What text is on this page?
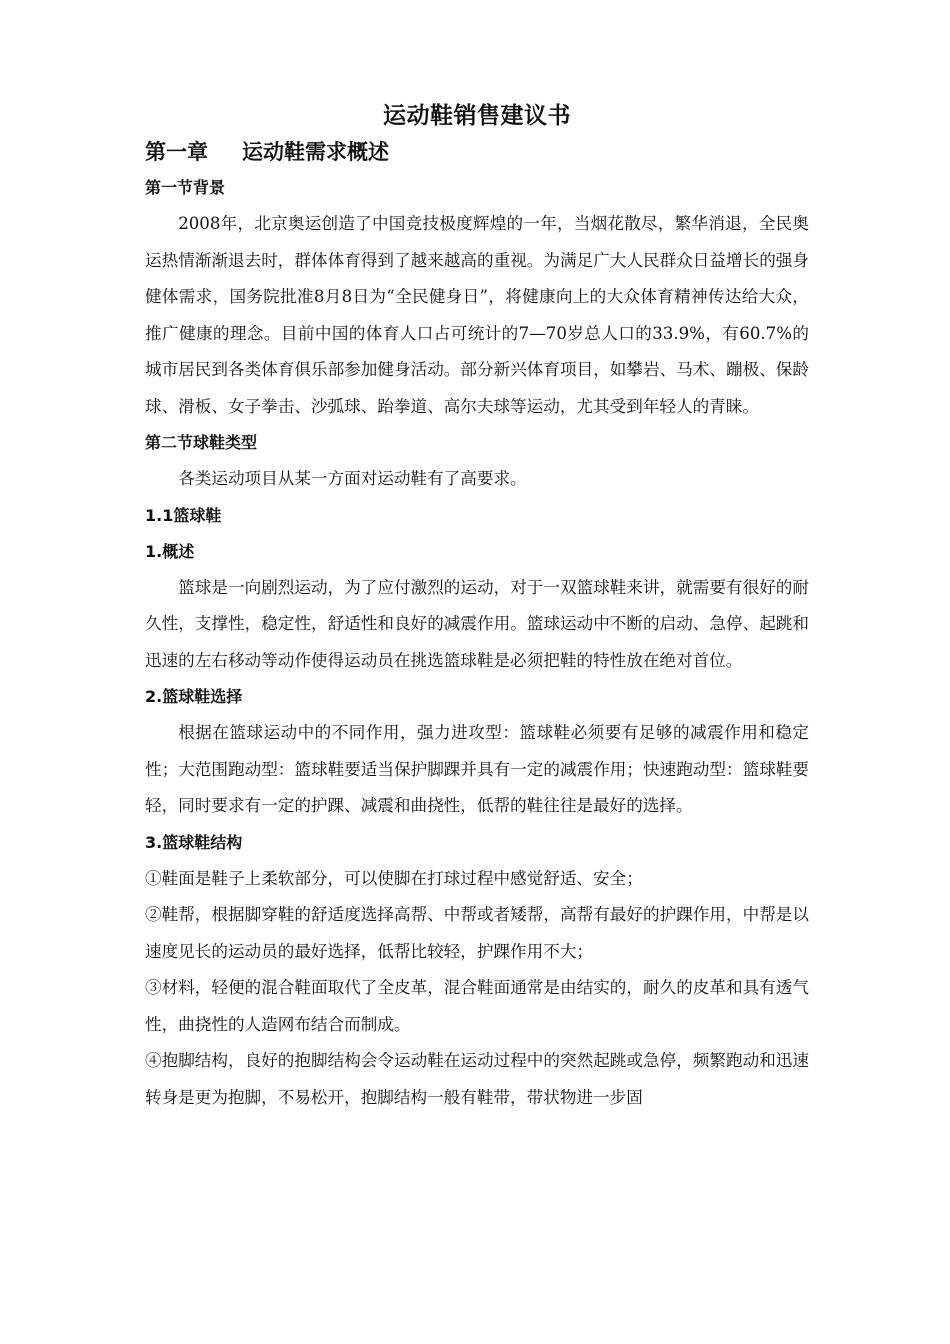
运动鞋销售建议书
第一章 运动鞋需求概述
第一节背景

2008年，北京奥运创造了中国竞技极度辉煌的一年，当烟花散尽，繁华消退，全民奥运热情渐渐退去时，群体体育得到了越来越高的重视。为满足广大人民群众日益增长的强身健体需求，国务院批准8月8日为“全民健身日”，将健康向上的大众体育精神传达给大众，推广健康的理念。目前中国的体育人口占可统计的7—70岁总人口的33.9%，有60.7%的城市居民到各类体育俱乐部参加健身活动。部分新兴体育项目，如攀岩、马术、蹦极、保龄球、滑板、女子拳击、沙弧球、跆拳道、高尔夫球等运动，尤其受到年轻人的青睐。

第二节球鞋类型

各类运动项目从某一方面对运动鞋有了高要求。

1.1篮球鞋
1.概述

篮球是一向剧烈运动，为了应付激烈的运动，对于一双篮球鞋来讲，就需要有很好的耐久性，支撑性，稳定性，舒适性和良好的减震作用。篮球运动中不断的启动、急停、起跳和迅速的左右移动等动作使得运动员在挑选篮球鞋是必须把鞋的特性放在绝对首位。

2.篮球鞋选择

根据在篮球运动中的不同作用，强力进攻型：篮球鞋必须要有足够的减震作用和稳定性；大范围跑动型：篮球鞋要适当保护脚踝并具有一定的减震作用；快速跑动型：篮球鞋要轻，同时要求有一定的护踝、减震和曲挠性，低帮的鞋往往是最好的选择。

3.篮球鞋结构

①鞋面是鞋子上柔软部分，可以使脚在打球过程中感觉舒适、安全；

②鞋帮，根据脚穿鞋的舒适度选择高帮、中帮或者矮帮，高帮有最好的护踝作用，中帮是以速度见长的运动员的最好选择，低帮比较轻，护踝作用不大；

③材料，轻便的混合鞋面取代了全皮革，混合鞋面通常是由结实的，耐久的皮革和具有透气性，曲挠性的人造网布结合而制成。

④抱脚结构，良好的抱脚结构会令运动鞋在运动过程中的突然起跳或急停，频繁跑动和迅速转身是更为抱脚，不易松开，抱脚结构一般有鞋带，带状物进一步固
